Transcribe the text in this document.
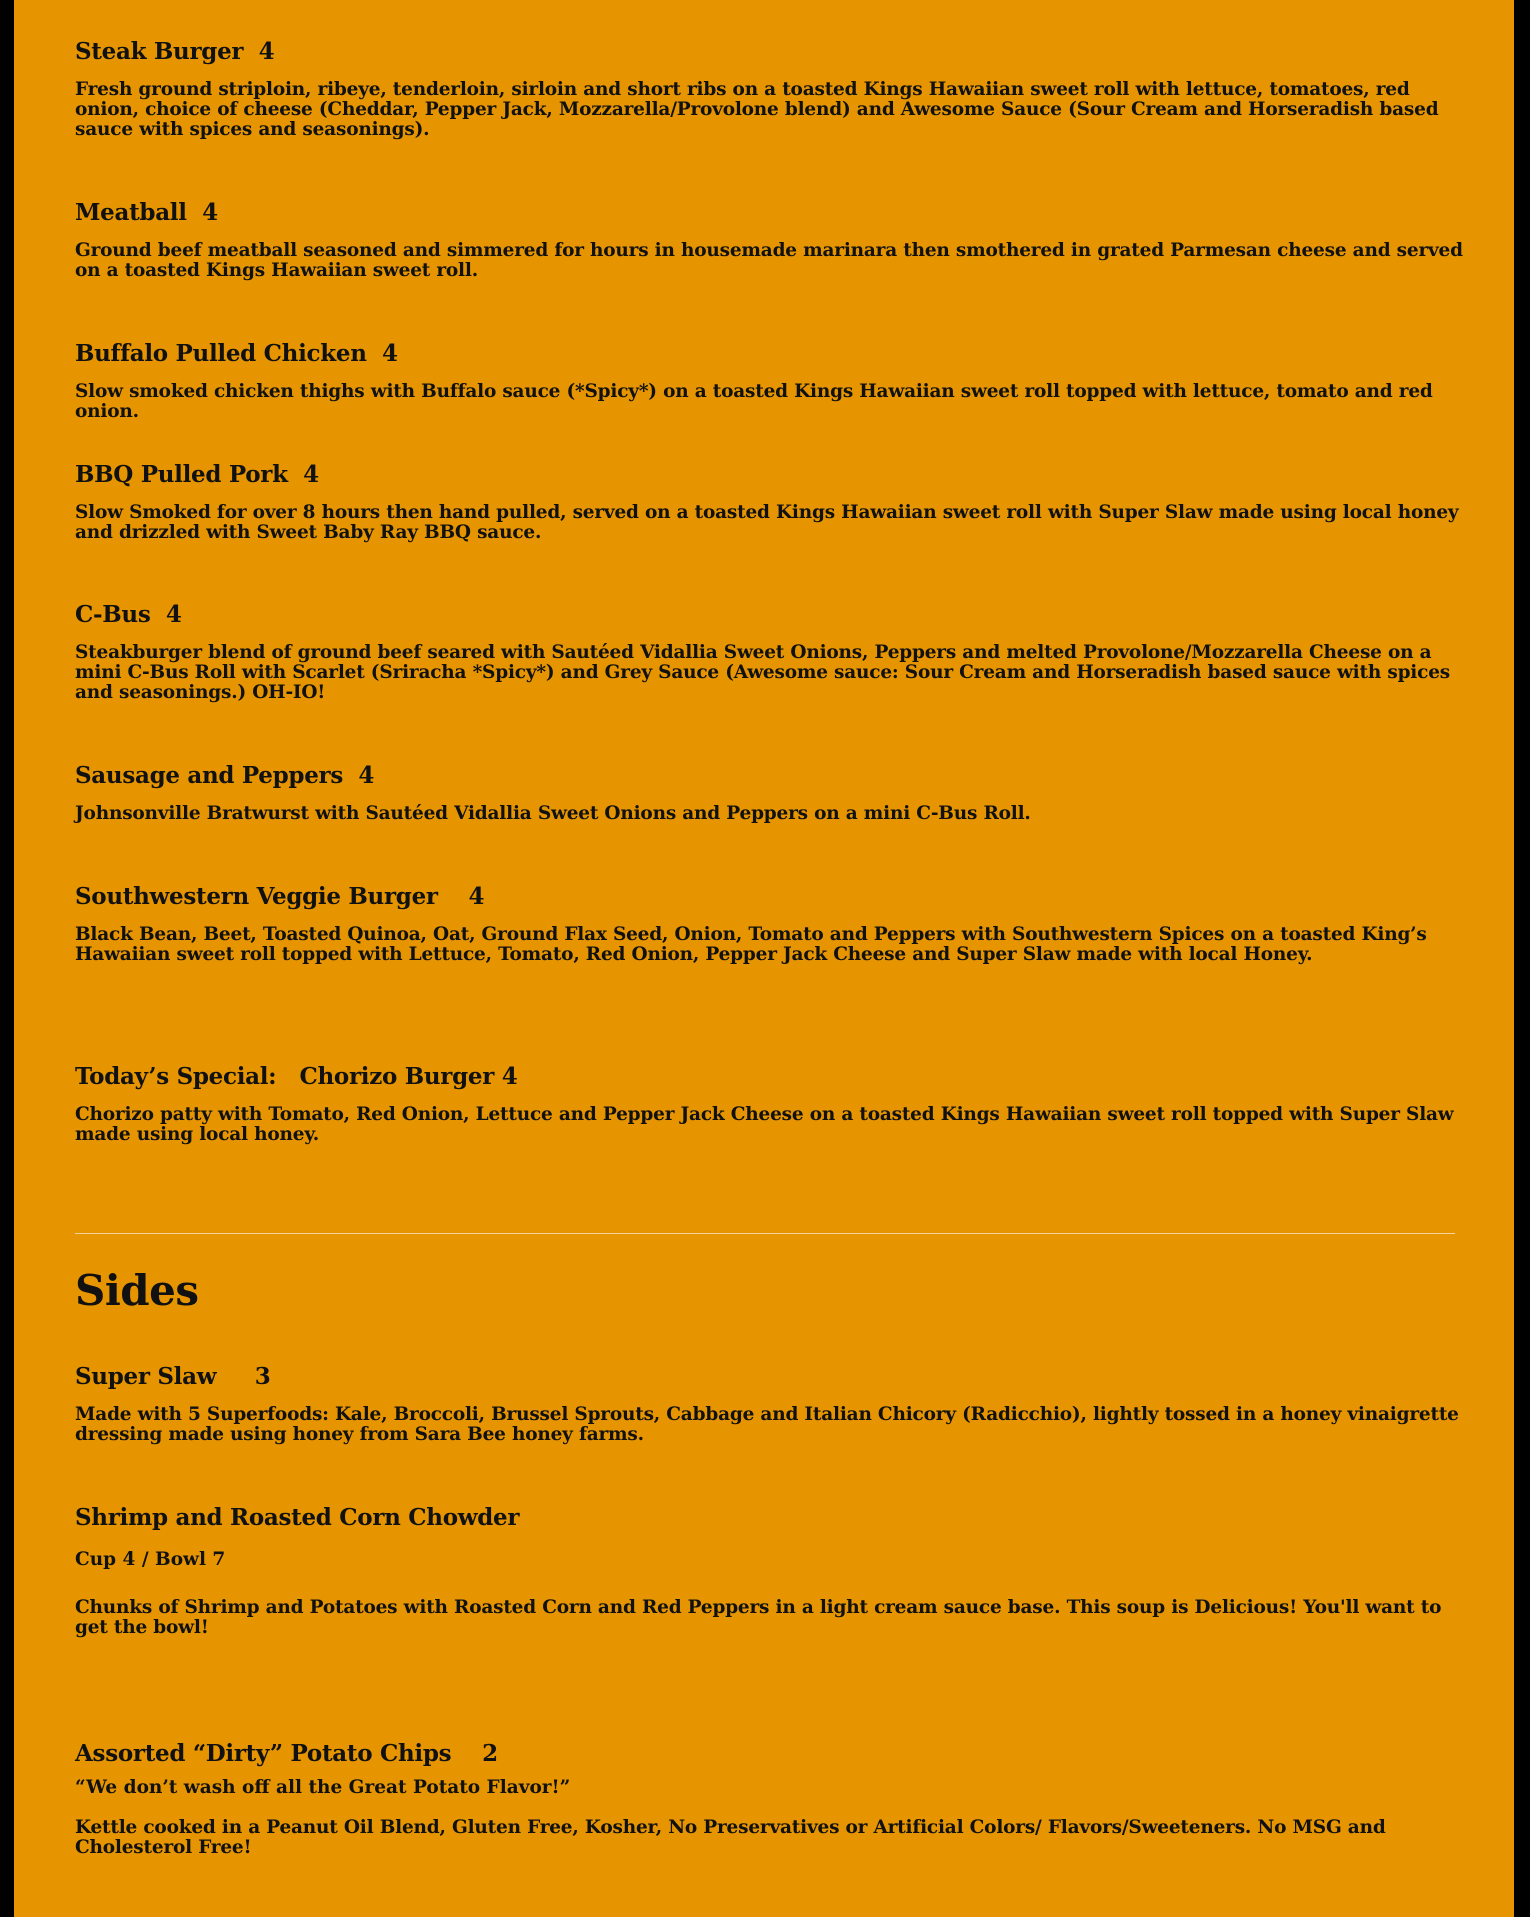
Steak Burger  4

Fresh ground striploin, ribeye, tenderloin, sirloin and short ribs on a toasted Kings Hawaiian sweet roll with lettuce, tomatoes, red onion, choice of cheese (Cheddar, Pepper Jack, Mozzarella/Provolone blend) and Awesome Sauce (Sour Cream and Horseradish based sauce with spices and seasonings).

Meatball  4

Ground beef meatball seasoned and simmered for hours in housemade marinara then smothered in grated Parmesan cheese and served on a toasted Kings Hawaiian sweet roll.

Buffalo Pulled Chicken  4

Slow smoked chicken thighs with Buffalo sauce (*Spicy*) on a toasted Kings Hawaiian sweet roll topped with lettuce, tomato and red onion.

BBQ Pulled Pork  4

Slow Smoked for over 8 hours then hand pulled, served on a toasted Kings Hawaiian sweet roll with Super Slaw made using local honey and drizzled with Sweet Baby Ray BBQ sauce.

C-Bus  4

Steakburger blend of ground beef seared with Sautéed Vidallia Sweet Onions, Peppers and melted Provolone/Mozzarella Cheese on a mini C-Bus Roll with Scarlet (Sriracha *Spicy*) and Grey Sauce (Awesome sauce: Sour Cream and Horseradish based sauce with spices and seasonings.) OH-IO!

Sausage and Peppers  4

Johnsonville Bratwurst with Sautéed Vidallia Sweet Onions and Peppers on a mini C-Bus Roll.

Southwestern Veggie Burger    4

Black Bean, Beet, Toasted Quinoa, Oat, Ground Flax Seed, Onion, Tomato and Peppers with Southwestern Spices on a toasted King’s Hawaiian sweet roll topped with Lettuce, Tomato, Red Onion, Pepper Jack Cheese and Super Slaw made with local Honey.

Today’s Special:   Chorizo Burger 4

Chorizo patty with Tomato, Red Onion, Lettuce and Pepper Jack Cheese on a toasted Kings Hawaiian sweet roll topped with Super Slaw made using local honey.

Sides
Super Slaw     3

Made with 5 Superfoods: Kale, Broccoli, Brussel Sprouts, Cabbage and Italian Chicory (Radicchio), lightly tossed in a honey vinaigrette dressing made using honey from Sara Bee honey farms.

Shrimp and Roasted Corn Chowder

Cup 4 / Bowl 7

Chunks of Shrimp and Potatoes with Roasted Corn and Red Peppers in a light cream sauce base. This soup is Delicious! You'll want to get the bowl!

Assorted “Dirty” Potato Chips    2

“We don’t wash off all the Great Potato Flavor!”

Kettle cooked in a Peanut Oil Blend, Gluten Free, Kosher, No Preservatives or Artificial Colors/ Flavors/Sweeteners. No MSG and Cholesterol Free!
